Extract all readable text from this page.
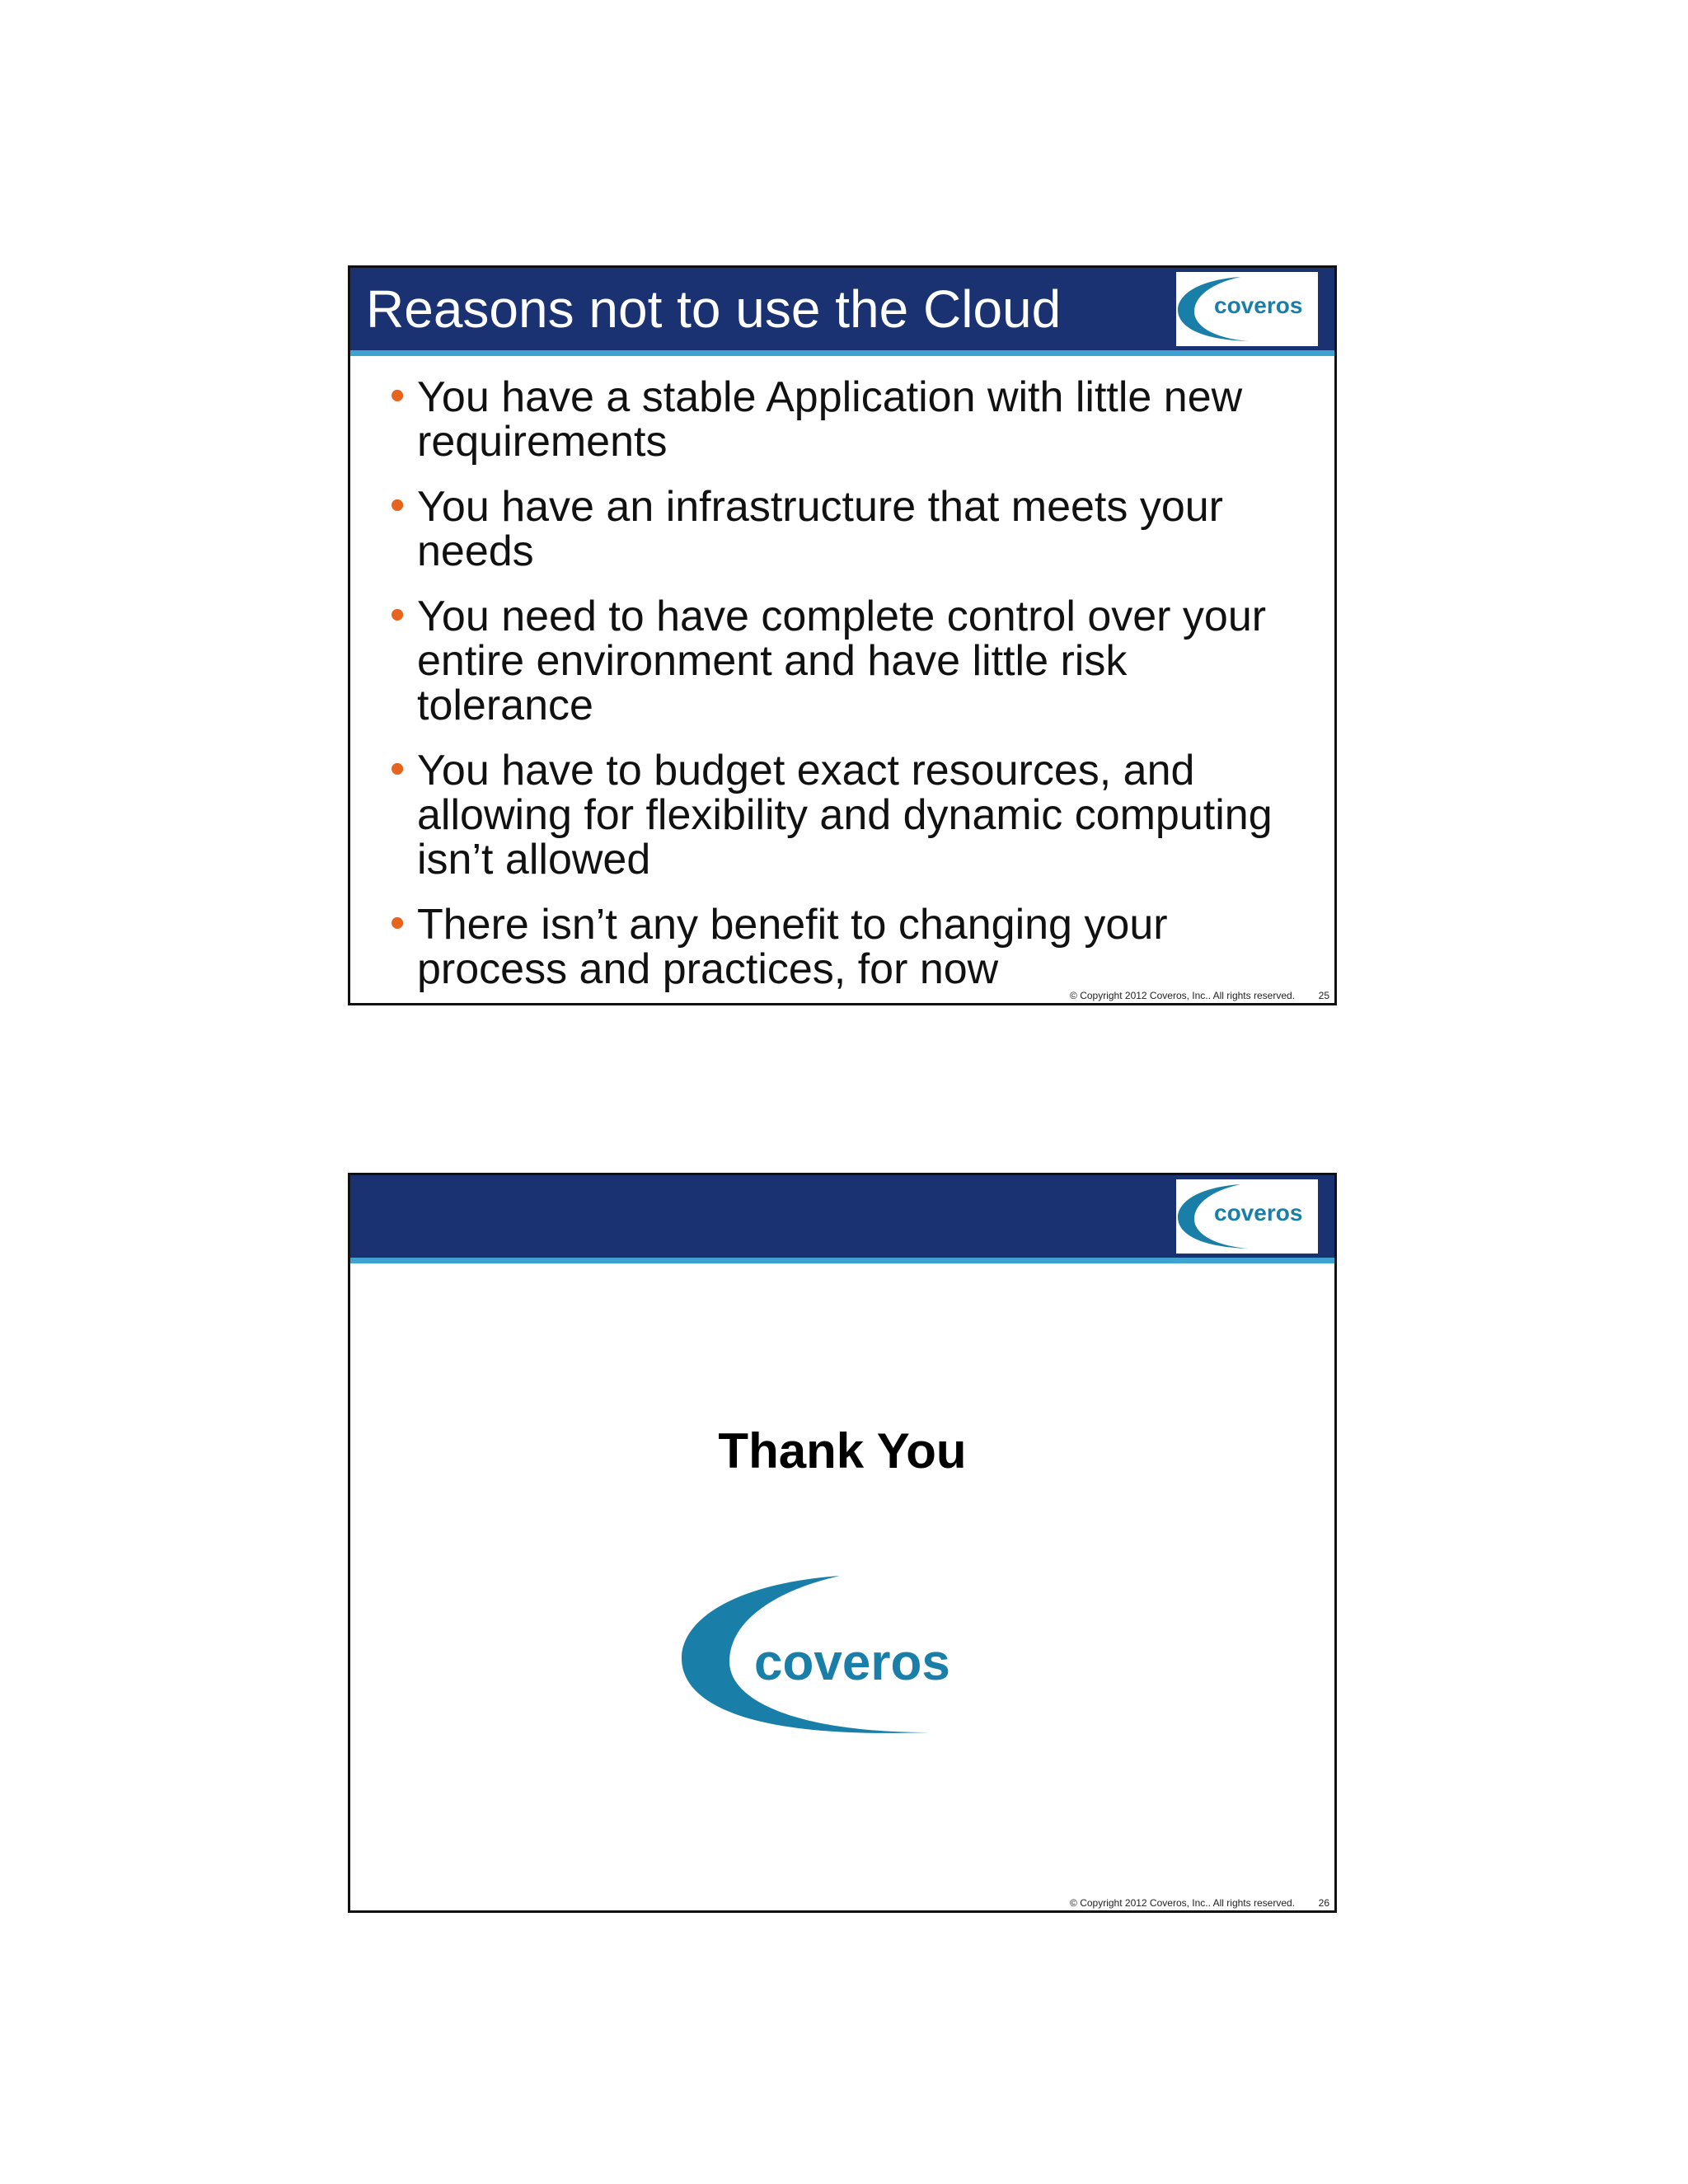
Reasons not to use the Cloud	coveros
• You have a stable Application with little new requirements
• You have an infrastructure that meets your needs
• You need to have complete control over your entire environment and have little risk tolerance
• You have to budget exact resources, and allowing for flexibility and dynamic computing isn’t allowed
• There isn’t any benefit to changing your process and practices, for now
© Copyright 2012 Coveros, Inc.. All rights reserved. 25
coveros
Thank You
coveros
© Copyright 2012 Coveros, Inc.. All rights reserved. 26
